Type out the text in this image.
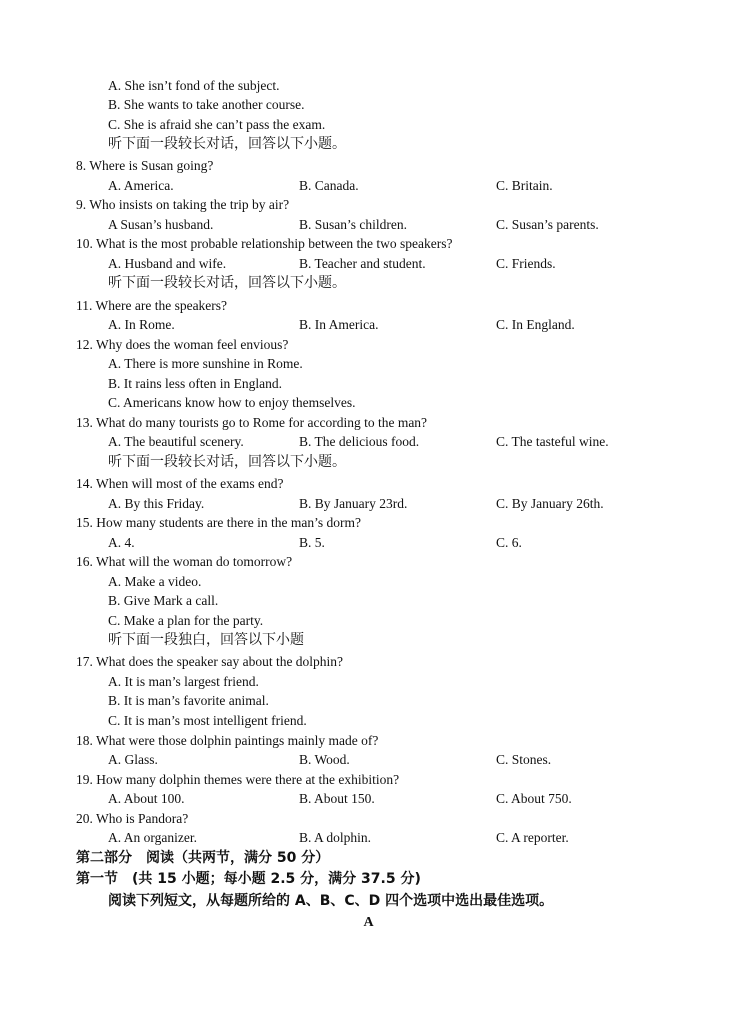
A. She isn’t fond of the subject.
B. She wants to take another course.
C. She is afraid she can’t pass the exam.
听下面一段较长对话，回答以下小题。
8. Where is Susan going?
A. America.	B. Canada.	C. Britain.
9. Who insists on taking the trip by air?
A Susan’s husband.	B. Susan’s children.	C. Susan’s parents.
10. What is the most probable relationship between the two speakers?
A. Husband and wife.	B. Teacher and student.	C. Friends.
听下面一段较长对话，回答以下小题。
11. Where are the speakers?
A. In Rome.	B. In America.	C. In England.
12. Why does the woman feel envious?
A. There is more sunshine in Rome.
B. It rains less often in England.
C. Americans know how to enjoy themselves.
13. What do many tourists go to Rome for according to the man?
A. The beautiful scenery.	B. The delicious food.	C. The tasteful wine.
听下面一段较长对话，回答以下小题。
14. When will most of the exams end?
A. By this Friday.	B. By January 23rd.	C. By January 26th.
15. How many students are there in the man’s dorm?
A. 4.	B. 5.	C. 6.
16. What will the woman do tomorrow?
A. Make a video.
B. Give Mark a call.
C. Make a plan for the party.
听下面一段独白，回答以下小题
17. What does the speaker say about the dolphin?
A. It is man’s largest friend.
B. It is man’s favorite animal.
C. It is man’s most intelligent friend.
18. What were those dolphin paintings mainly made of?
A. Glass.	B. Wood.	C. Stones.
19. How many dolphin themes were there at the exhibition?
A. About 100.	B. About 150.	C. About 750.
20. Who is Pandora?
A. An organizer.	B. A dolphin.	C. A reporter.
第二部分　阅读（共两节，满分 50 分）
第一节　(共 15 小题；每小题 2.5 分，满分 37.5 分)
阅读下列短文，从每题所给的 A、B、C、D 四个选项中选出最佳选项。
A
